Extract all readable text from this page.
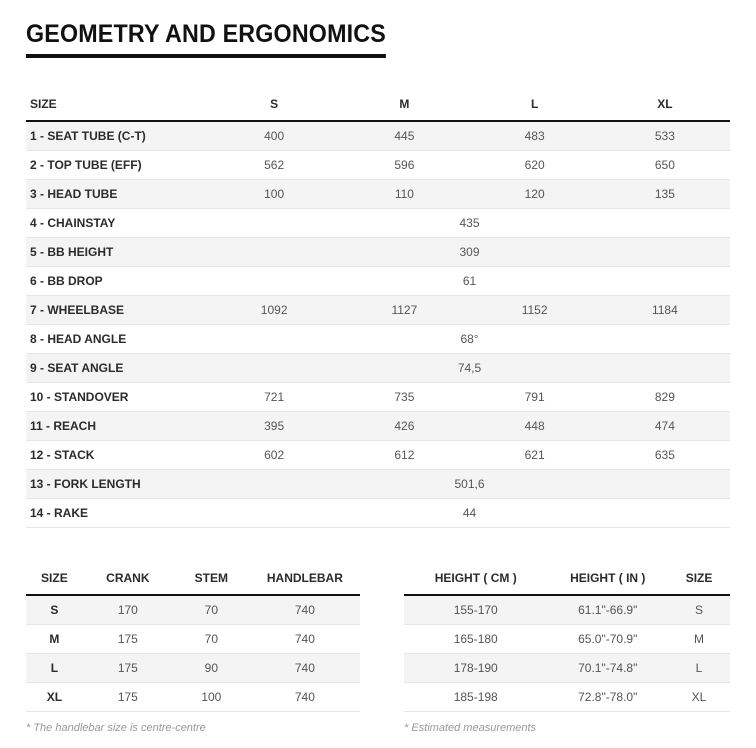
GEOMETRY AND ERGONOMICS
SIZE	S	M	L	XL
1 - SEAT TUBE (C-T)	400	445	483	533
2 - TOP TUBE (EFF)	562	596	620	650
3 - HEAD TUBE	100	110	120	135
4 - CHAINSTAY	435			
5 - BB HEIGHT	309			
6 - BB DROP	61			
7 - WHEELBASE	1092	1127	1152	1184
8 - HEAD ANGLE	68°			
9 - SEAT ANGLE	74,5			
10 - STANDOVER	721	735	791	829
11 - REACH	395	426	448	474
12 - STACK	602	612	621	635
13 - FORK LENGTH	501,6			
14 - RAKE	44			
SIZE	CRANK	STEM	HANDLEBAR
S	170	70	740
M	175	70	740
L	175	90	740
XL	175	100	740
* The handlebar size is centre-centre
HEIGHT ( CM )	HEIGHT ( IN )	SIZE
155-170	61.1"-66.9"	S
165-180	65.0"-70.9"	M
178-190	70.1"-74.8"	L
185-198	72.8"-78.0"	XL
* Estimated measurements
